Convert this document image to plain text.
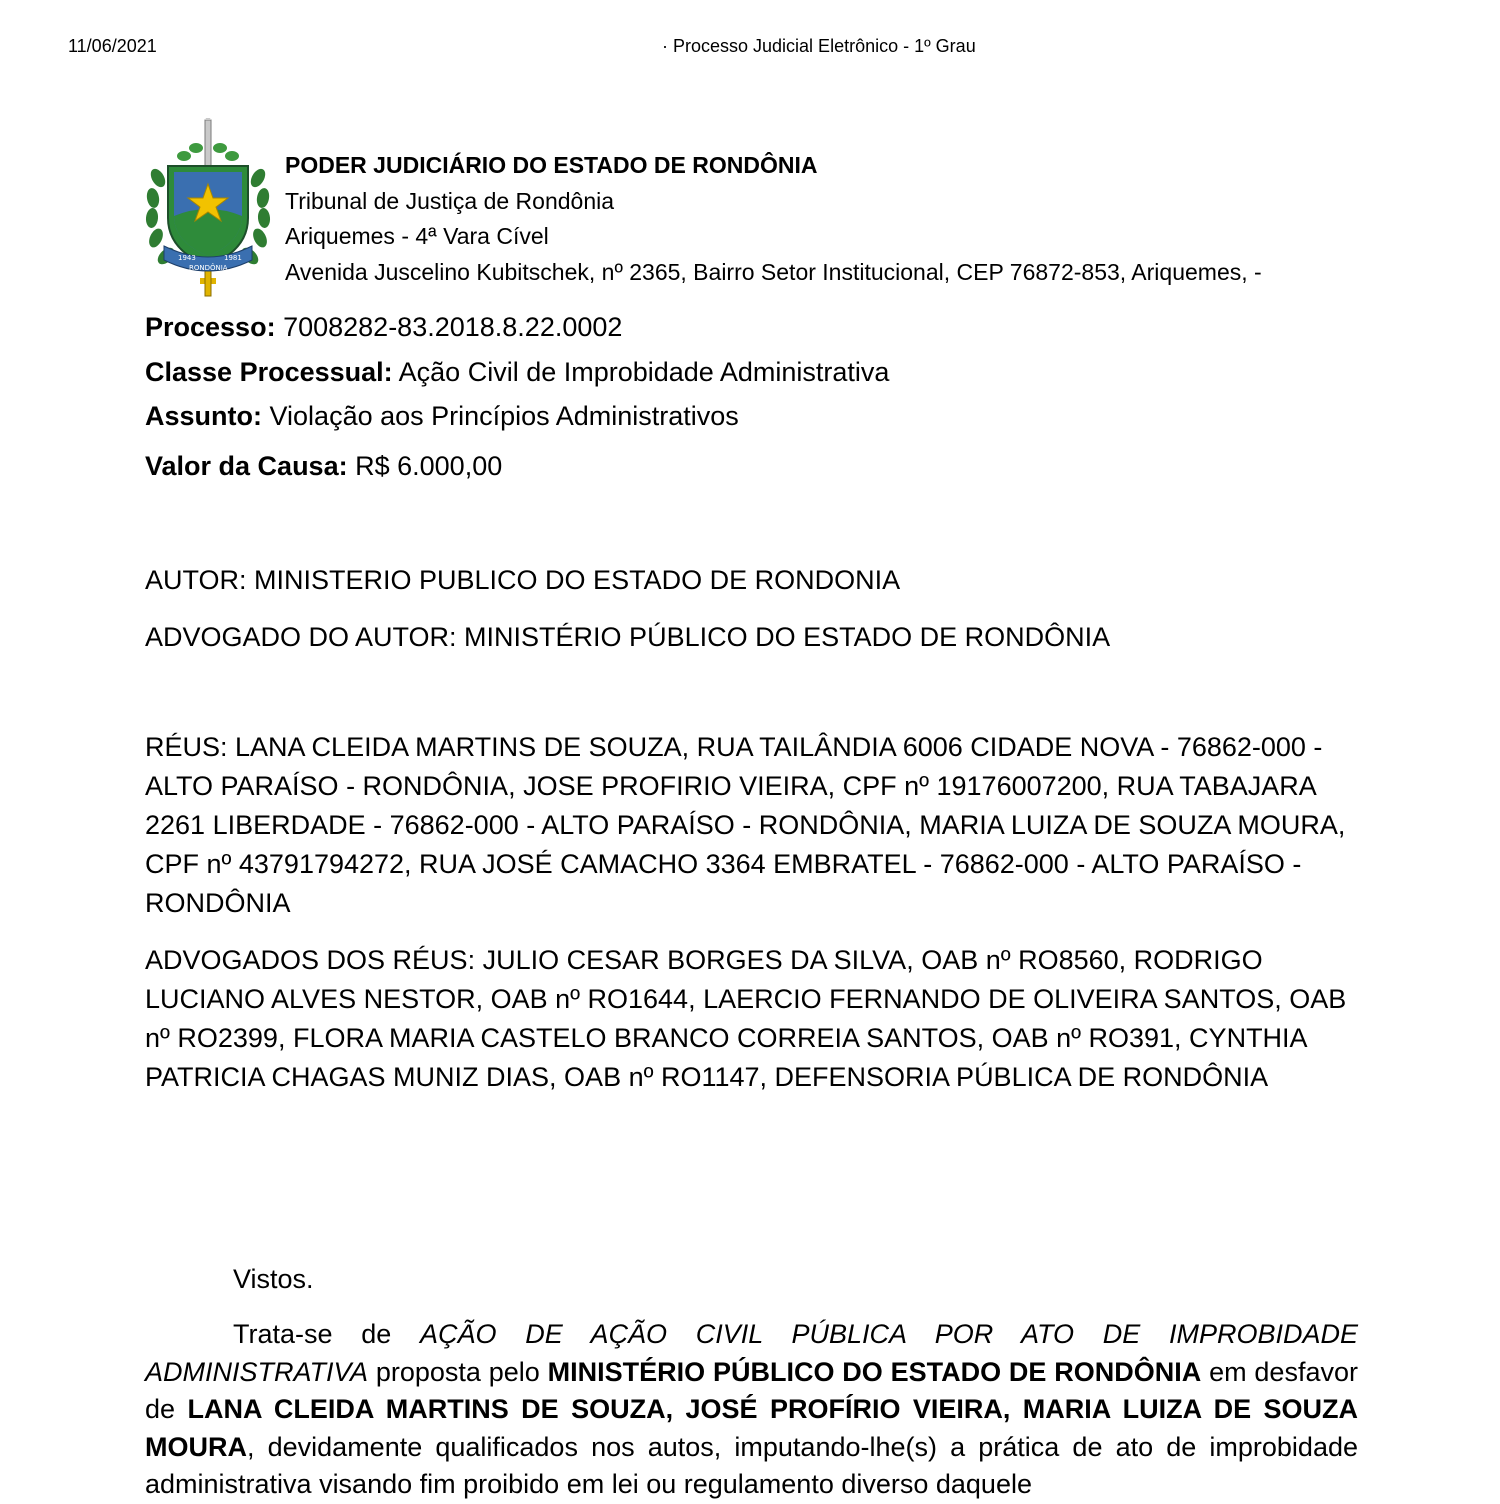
11/06/2021	· Processo Judicial Eletrônico - 1º Grau
1943	1981
RONDÔNIA
PODER JUDICIÁRIO DO ESTADO DE RONDÔNIA
Tribunal de Justiça de Rondônia
Ariquemes - 4ª Vara Cível
Avenida Juscelino Kubitschek, nº 2365, Bairro Setor Institucional, CEP 76872-853, Ariquemes, -
Processo: 7008282-83.2018.8.22.0002
Classe Processual: Ação Civil de Improbidade Administrativa
Assunto: Violação aos Princípios Administrativos
Valor da Causa: R$ 6.000,00

AUTOR: MINISTERIO PUBLICO DO ESTADO DE RONDONIA

ADVOGADO DO AUTOR: MINISTÉRIO PÚBLICO DO ESTADO DE RONDÔNIA

RÉUS: LANA CLEIDA MARTINS DE SOUZA, RUA TAILÂNDIA 6006 CIDADE NOVA - 76862-000 - ALTO PARAÍSO - RONDÔNIA, JOSE PROFIRIO VIEIRA, CPF nº 19176007200, RUA TABAJARA 2261 LIBERDADE - 76862-000 - ALTO PARAÍSO - RONDÔNIA, MARIA LUIZA DE SOUZA MOURA, CPF nº 43791794272, RUA JOSÉ CAMACHO 3364 EMBRATEL - 76862-000 - ALTO PARAÍSO - RONDÔNIA

ADVOGADOS DOS RÉUS: JULIO CESAR BORGES DA SILVA, OAB nº RO8560, RODRIGO LUCIANO ALVES NESTOR, OAB nº RO1644, LAERCIO FERNANDO DE OLIVEIRA SANTOS, OAB nº RO2399, FLORA MARIA CASTELO BRANCO CORREIA SANTOS, OAB nº RO391, CYNTHIA PATRICIA CHAGAS MUNIZ DIAS, OAB nº RO1147, DEFENSORIA PÚBLICA DE RONDÔNIA

Vistos.

Trata-se de AÇÃO DE AÇÃO CIVIL PÚBLICA POR ATO DE IMPROBIDADE ADMINISTRATIVA proposta pelo MINISTÉRIO PÚBLICO DO ESTADO DE RONDÔNIA em desfavor de LANA CLEIDA MARTINS DE SOUZA, JOSÉ PROFÍRIO VIEIRA, MARIA LUIZA DE SOUZA MOURA, devidamente qualificados nos autos, imputando-lhe(s) a prática de ato de improbidade administrativa visando fim proibido em lei ou regulamento diverso daquele
